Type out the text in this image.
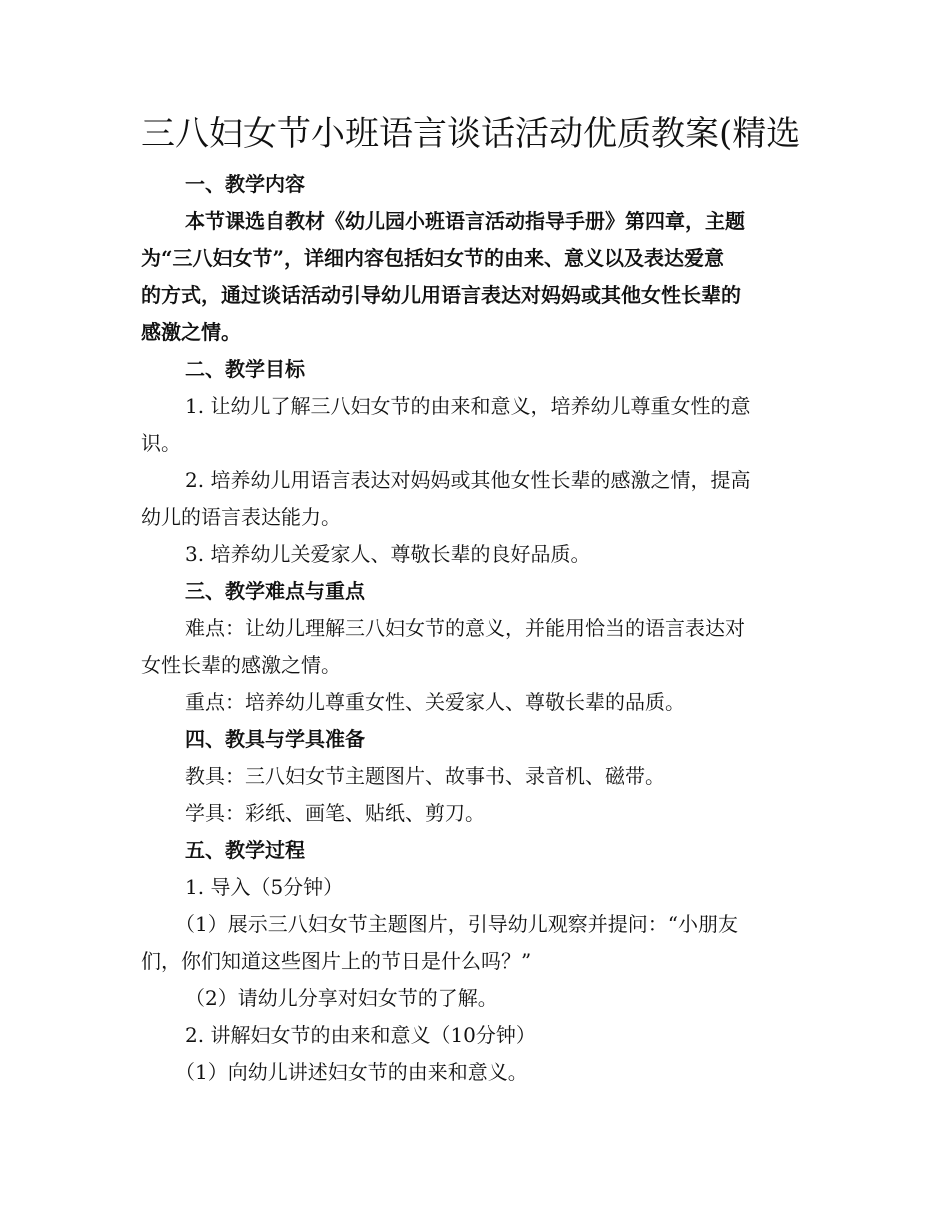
三八妇女节小班语言谈话活动优质教案(精选
一、教学内容
本节课选自教材《幼儿园小班语言活动指导手册》第四章，主题
为“三八妇女节”，详细内容包括妇女节的由来、意义以及表达爱意
的方式，通过谈话活动引导幼儿用语言表达对妈妈或其他女性长辈的
感激之情。
二、教学目标
1. 让幼儿了解三八妇女节的由来和意义，培养幼儿尊重女性的意
识。
2. 培养幼儿用语言表达对妈妈或其他女性长辈的感激之情，提高
幼儿的语言表达能力。
3. 培养幼儿关爱家人、尊敬长辈的良好品质。
三、教学难点与重点
难点：让幼儿理解三八妇女节的意义，并能用恰当的语言表达对
女性长辈的感激之情。
重点：培养幼儿尊重女性、关爱家人、尊敬长辈的品质。
四、教具与学具准备
教具：三八妇女节主题图片、故事书、录音机、磁带。
学具：彩纸、画笔、贴纸、剪刀。
五、教学过程
1. 导入（5分钟）
（1）展示三八妇女节主题图片，引导幼儿观察并提问：“小朋友
们，你们知道这些图片上的节日是什么吗？”
（2）请幼儿分享对妇女节的了解。
2. 讲解妇女节的由来和意义（10分钟）
（1）向幼儿讲述妇女节的由来和意义。
